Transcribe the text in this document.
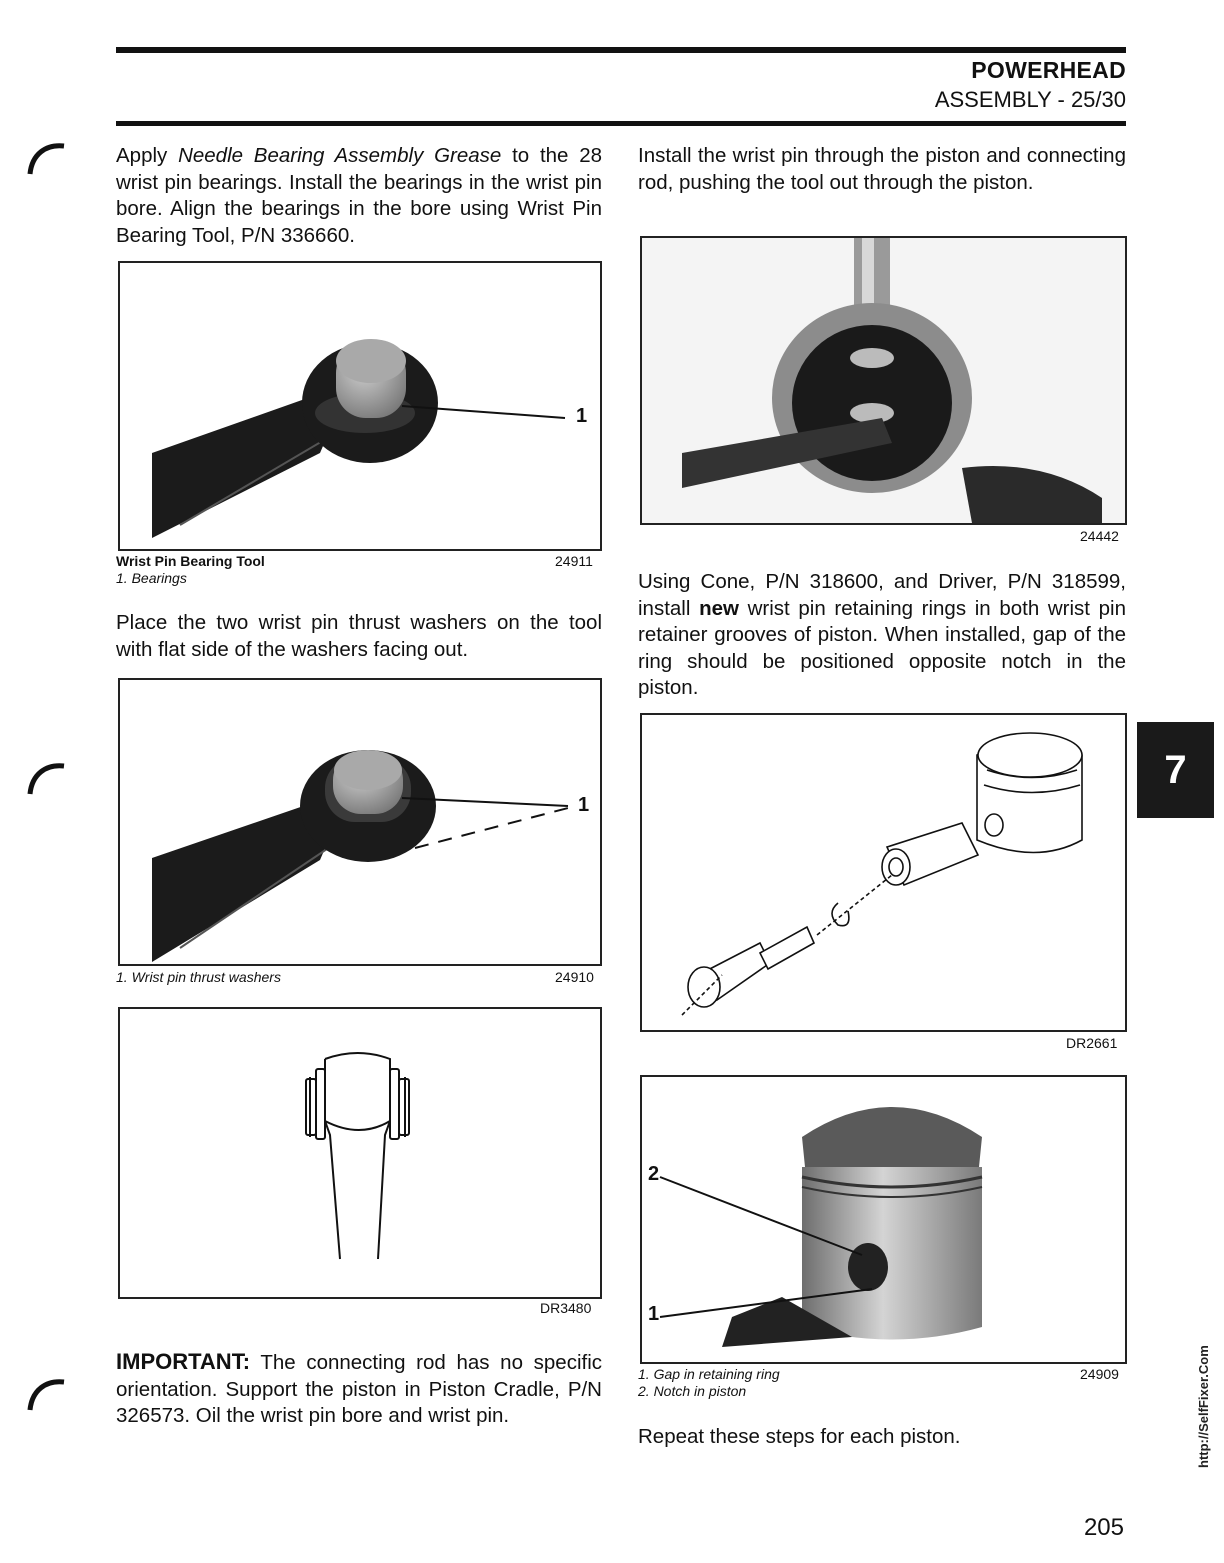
POWERHEAD
ASSEMBLY - 25/30
Apply Needle Bearing Assembly Grease to the 28 wrist pin bearings. Install the bearings in the wrist pin bore. Align the bearings in the bore using Wrist Pin Bearing Tool, P/N 336660.
1
Wrist Pin Bearing Tool
1. Bearings
24911
Place the two wrist pin thrust washers on the tool with flat side of the washers facing out.
1
1. Wrist pin thrust washers	24910
DR3480
IMPORTANT: The connecting rod has no specific orientation. Support the piston in Piston Cradle, P/N 326573. Oil the wrist pin bore and wrist pin.
Install the wrist pin through the piston and connecting rod, pushing the tool out through the piston.
24442
Using Cone, P/N 318600, and Driver, P/N 318599, install new wrist pin retaining rings in both wrist pin retainer grooves of piston. When installed, gap of the ring should be positioned opposite notch in the piston.
DR2661
2
1
1. Gap in retaining ring
2. Notch in piston
24909
Repeat these steps for each piston.
7
205
http://SelfFixer.Com
